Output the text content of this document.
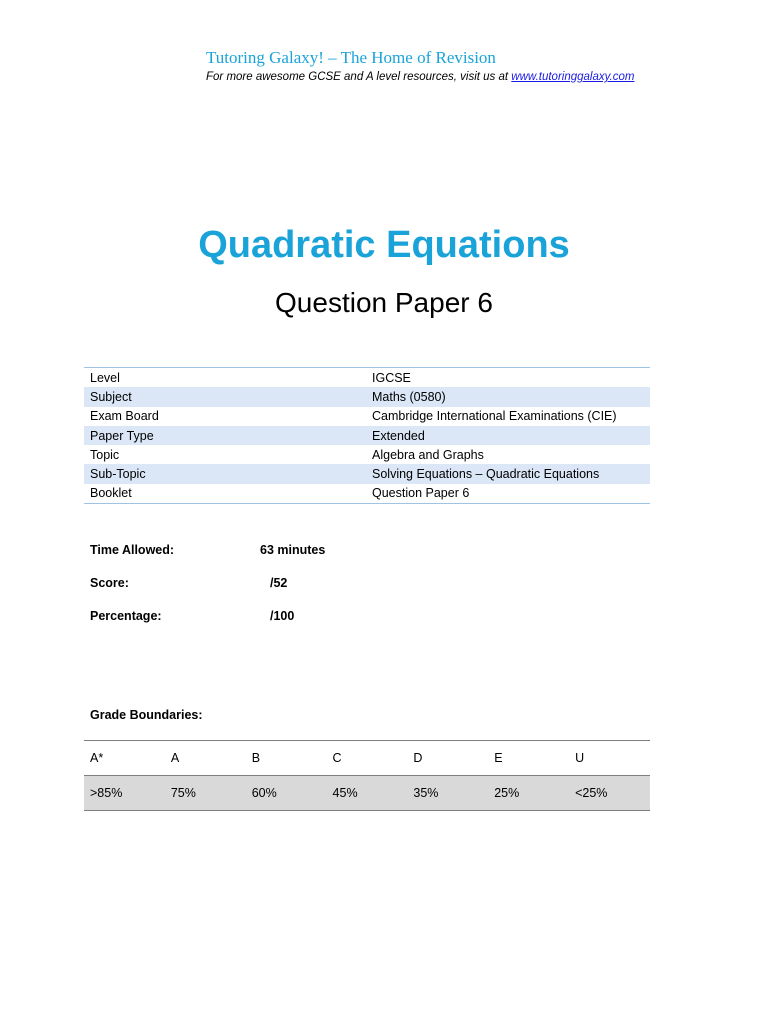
Tutoring Galaxy! – The Home of Revision
For more awesome GCSE and A level resources, visit us at www.tutoringgalaxy.com
Quadratic Equations
Question Paper 6
Level	IGCSE
Subject	Maths (0580)
Exam Board	Cambridge International Examinations (CIE)
Paper Type	Extended
Topic	Algebra and Graphs
Sub-Topic	Solving Equations – Quadratic Equations
Booklet	Question Paper 6
Time Allowed:	63 minutes
Score:	/52
Percentage:	/100
Grade Boundaries:
A*	A	B	C	D	E	U
>85%	75%	60%	45%	35%	25%	<25%
